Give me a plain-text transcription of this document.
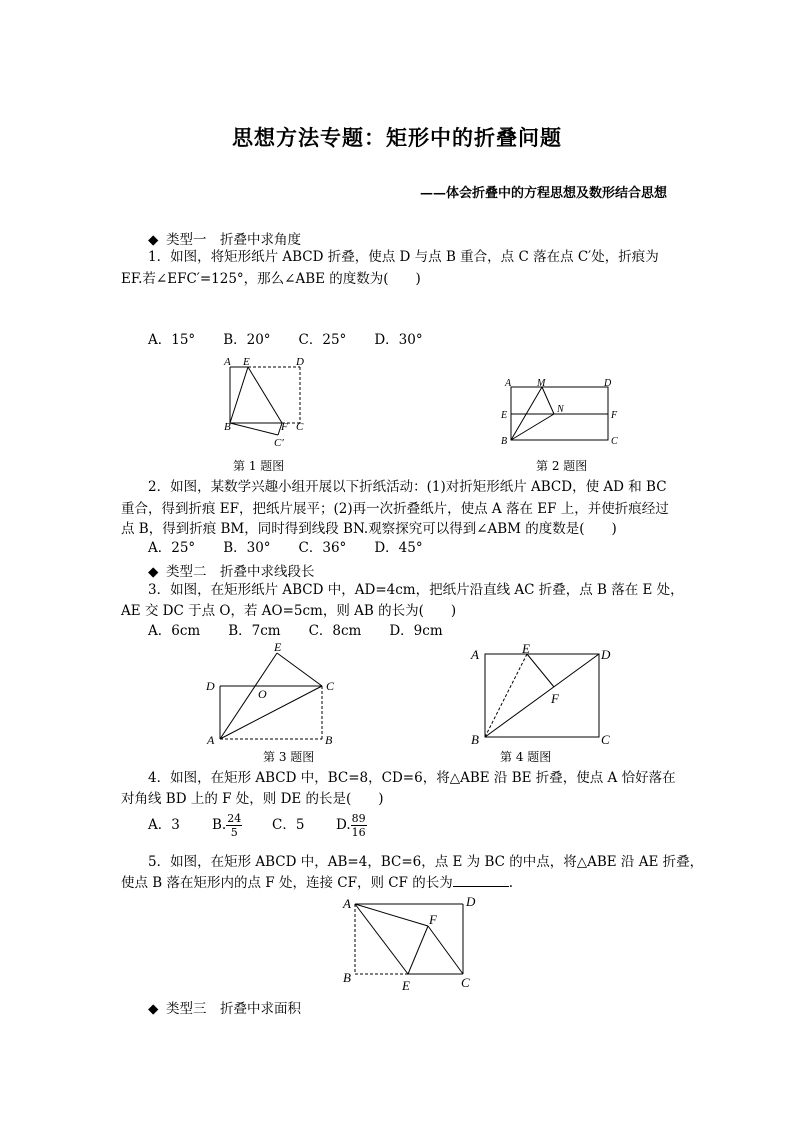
思想方法专题：矩形中的折叠问题
——体会折叠中的方程思想及数形结合思想
◆ 类型一　折叠中求角度
1．如图，将矩形纸片 ABCD 折叠，使点 D 与点 B 重合，点 C 落在点 C′处，折痕为
EF.若∠EFC′=125°，那么∠ABE 的度数为(　　)
A．15° B．20° C．25° D．30°
A E	D
B	F C
C′
第 1 题图
A	M	D
E
N
F
B	C
第 2 题图
2．如图，某数学兴趣小组开展以下折纸活动：(1)对折矩形纸片 ABCD，使 AD 和 BC
重合，得到折痕 EF，把纸片展平；(2)再一次折叠纸片，使点 A 落在 EF 上，并使折痕经过
点 B，得到折痕 BM，同时得到线段 BN.观察探究可以得到∠ABM 的度数是(　　)
A．25° B．30° C．36° D．45°
◆ 类型二　折叠中求线段长
3．如图，在矩形纸片 ABCD 中，AD=4cm，把纸片沿直线 AC 折叠，点 B 落在 E 处，
AE 交 DC 于点 O，若 AO=5cm，则 AB 的长为(　　)
A．6cm B．7cm C．8cm D．9cm
E
D
O
C
A	B
第 3 题图
A	E	D
F
B	C
第 4 题图
4．如图，在矩形 ABCD 中，BC=8，CD=6，将△ABE 沿 BE 折叠，使点 A 恰好落在
对角线 BD 上的 F 处，则 DE 的长是(　　)
A．3 B. $\frac{24}{5}$ C．5 D. $\frac{89}{16}$
5．如图，在矩形 ABCD 中，AB=4，BC=6，点 E 为 BC 的中点，将△ABE 沿 AE 折叠，
使点 B 落在矩形内的点 F 处，连接 CF，则 CF 的长为	.
A	D
F
B
E	C
◆ 类型三　折叠中求面积
